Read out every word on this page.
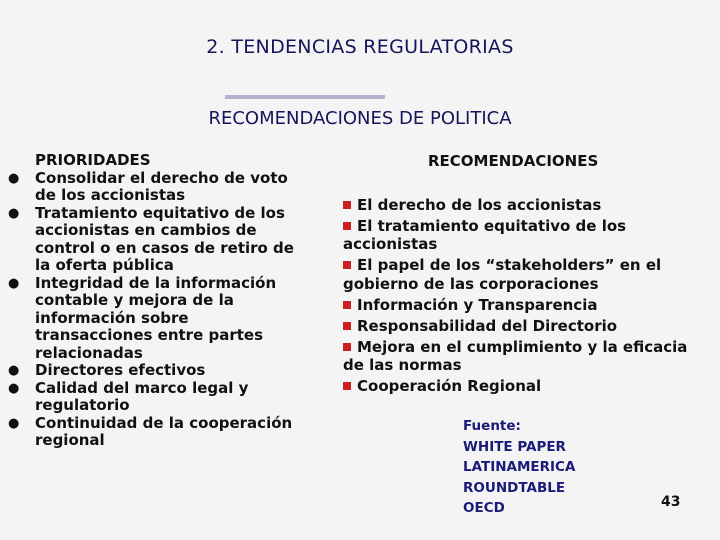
2. TENDENCIAS REGULATORIAS
RECOMENDACIONES DE POLITICA
PRIORIDADES
● Consolidar el derecho de voto de los accionistas
● Tratamiento equitativo de los accionistas en cambios de control o en casos de retiro de la oferta pública
● Integridad de la información contable y mejora de la información sobre transacciones entre partes relacionadas
● Directores efectivos
● Calidad del marco legal y regulatorio
● Continuidad de la cooperación regional
RECOMENDACIONES
El derecho de los accionistas
El tratamiento equitativo de los accionistas
El papel de los “stakeholders” en el gobierno de las corporaciones
Información y Transparencia
Responsabilidad del Directorio
Mejora en el cumplimiento y la eficacia de las normas
Cooperación Regional
Fuente:
WHITE PAPER
LATINAMERICA
ROUNDTABLE
OECD	43
